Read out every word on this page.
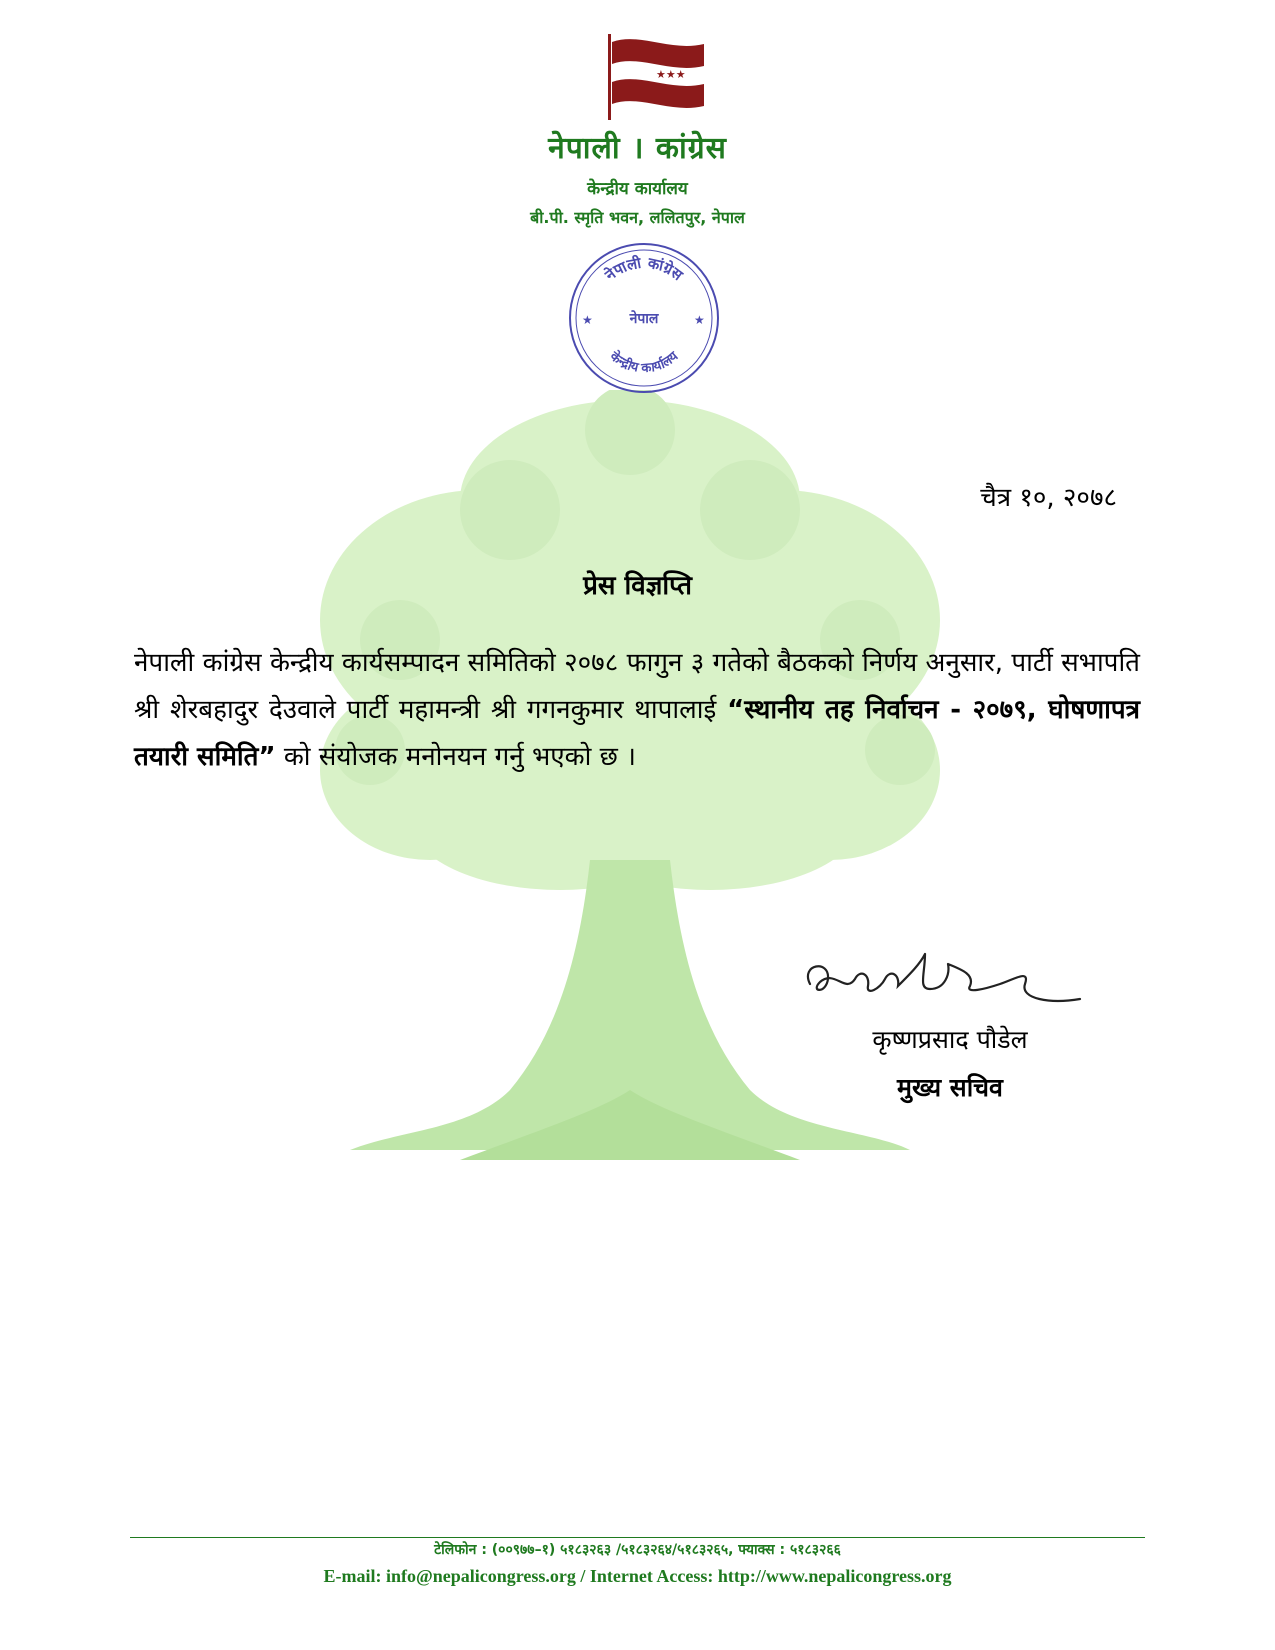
★★★
नेपाली । कांग्रेस
केन्द्रीय कार्यालय
बी.पी. स्मृति भवन, ललितपुर, नेपाल
नेपाली कांग्रेस
नेपाल
केन्द्रीय कार्यालय
★	★
चैत्र १०, २०७८
प्रेस विज्ञप्ति
नेपाली कांग्रेस केन्द्रीय कार्यसम्पादन समितिको २०७८ फागुन ३ गतेको बैठकको निर्णय अनुसार, पार्टी सभापति श्री शेरबहादुर देउवाले पार्टी महामन्त्री श्री गगनकुमार थापालाई “स्थानीय तह निर्वाचन - २०७९, घोषणापत्र तयारी समिति” को संयोजक मनोनयन गर्नु भएको छ ।
कृष्णप्रसाद पौडेल
मुख्य सचिव
टेलिफोन : (००९७७–१) ५१८३२६३ /५१८३२६४/५१८३२६५, फ्याक्स : ५१८३२६६
E-mail: info@nepalicongress.org / Internet Access: http://www.nepalicongress.org
